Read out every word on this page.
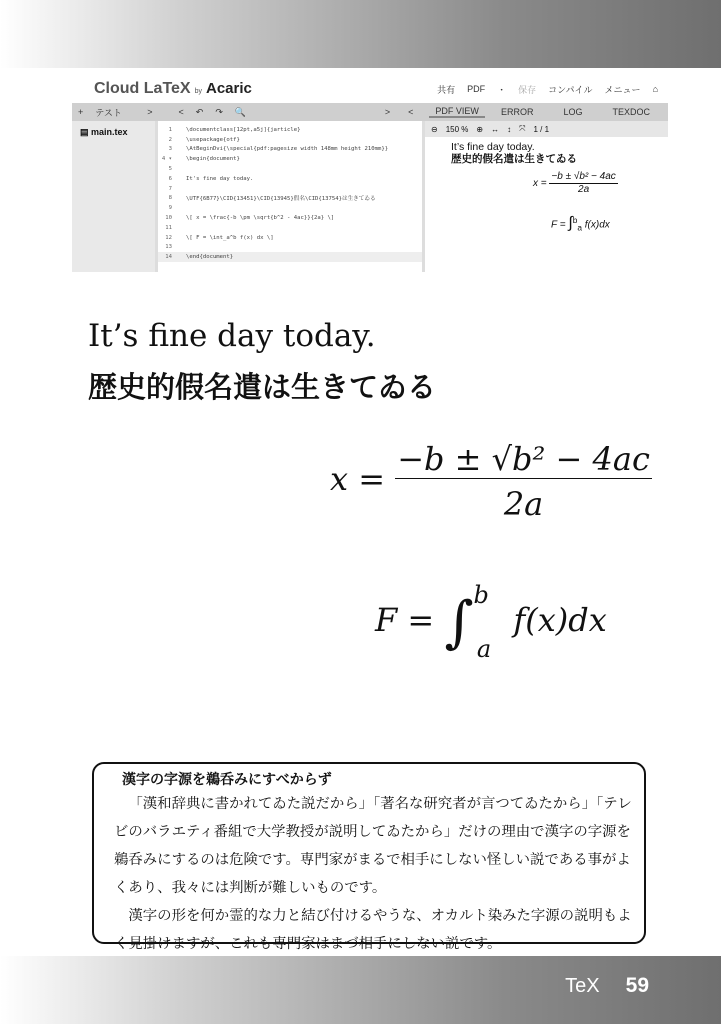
Cloud LaTeX by Acaric	共有 PDF ・ 保存 コンパイル メニュー ⌂
+	テスト	>	<	↶	↷	🔍	>	<	PDF VIEW	ERROR	LOG	TEXDOC
▤ main.tex	1	\documentclass[12pt,a5j]{jarticle}
2	\usepackage{otf}
3	\AtBeginDvi{\special{pdf:pagesize width 148mm height 210mm}}
4 ▾	\begin{document}
5
6	It's fine day today.
7
8	\UTF{6B77}\CID{13451}\CID{13945}假名\CID{13754}は生きてゐる
9
10	\[ x = \frac{-b \pm \sqrt{b^2 - 4ac}}{2a} \]
11
12	\[ F = \int_a^b f(x) dx \]
13
14	\end{document}
⊖ 150 % ⊕ ↔ ↕ ⤧ 1 / 1
It’s fine day today.
歴史的假名遣は生きてゐる
$x = \frac{\text{−b ± √b² − 4ac}}{2a}$
F = ∫$^b_a$ f(x)dx
It’s fine day today.
歴史的假名遣は生きてゐる
$x = \frac{\text{−b ± √b² − 4ac}}{2a}$
F = ∫$^b_a$ f(x)dx
漢字の字源を鵜呑みにすべからず

「漢和辞典に書かれてゐた説だから」「著名な研究者が言つてゐたから」「テレビのバラエティ番組で大学教授が説明してゐたから」だけの理由で漢字の字源を鵜呑みにするのは危険です。専門家がまるで相手にしない怪しい説である事がよくあり、我々には判断が難しいものです。

漢字の形を何か霊的な力と結び付けるやうな、オカルト染みた字源の説明もよく見掛けますが、これも専門家はまづ相手にしない説です。

TeX 59
